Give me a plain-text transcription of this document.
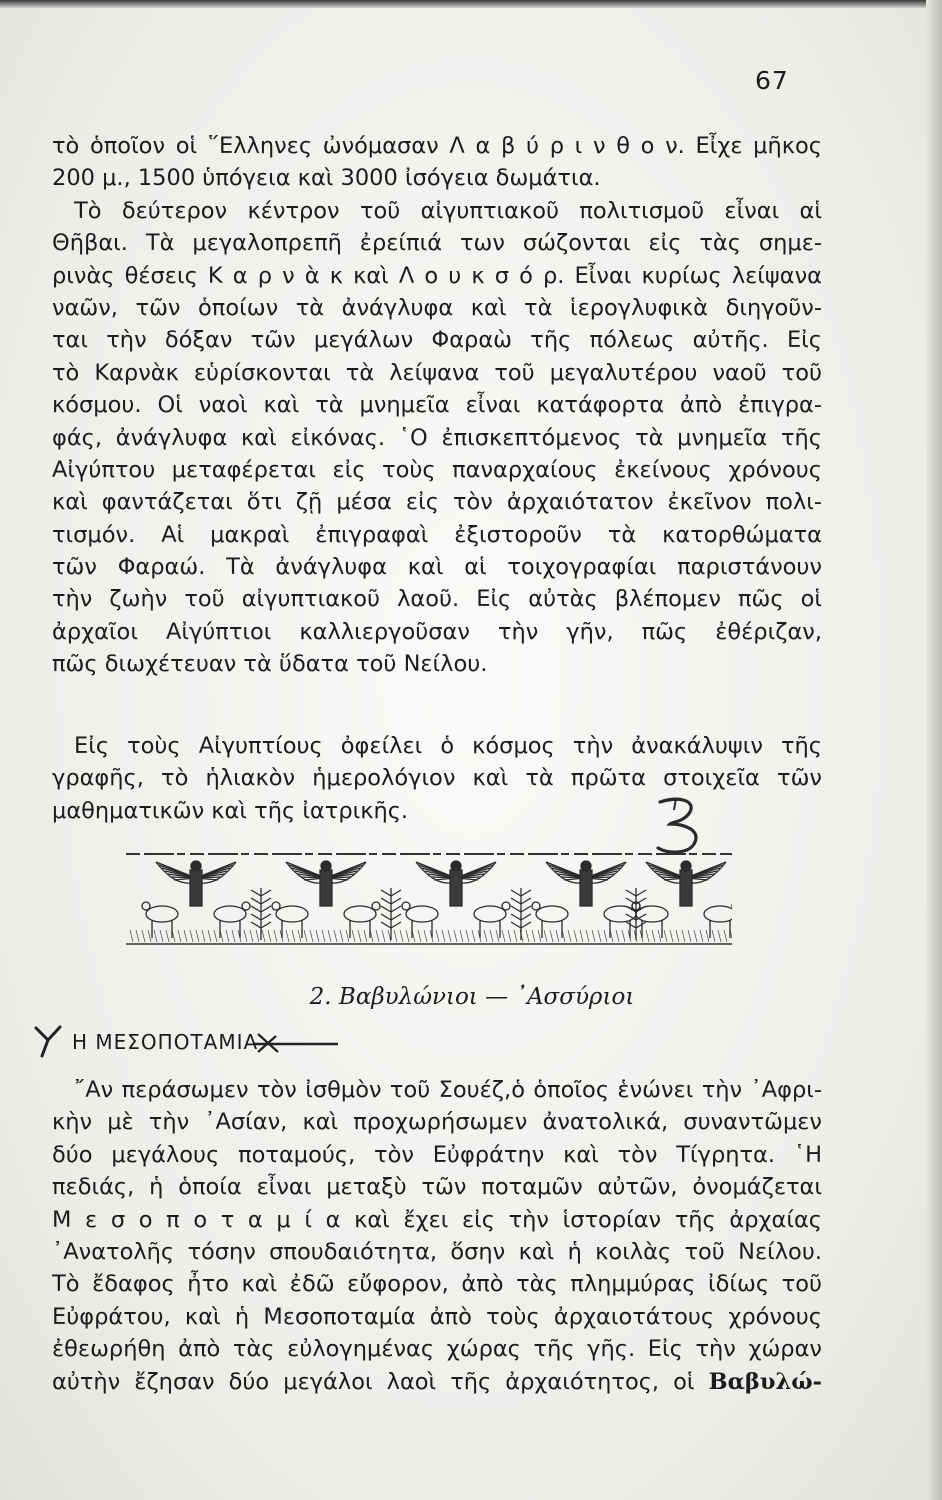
67
τὸ ὁποῖον οἱ ῞Ελληνες ὠνόμασαν Λ α β ύ ρ ι ν θ ο ν. Εἶχε μῆκος
200 μ., 1500 ὑπόγεια καὶ 3000 ἰσόγεια δωμάτια.
Τὸ δεύτερον κέντρον τοῦ αἰγυπτιακοῦ πολιτισμοῦ εἶναι αἱ
Θῆβαι. Τὰ μεγαλοπρεπῆ ἐρείπιά των σώζονται εἰς τὰς σημε-
ρινὰς θέσεις Κ α ρ ν ὰ κ καὶ Λ ο υ κ σ ό ρ. Εἶναι κυρίως λείψανα
ναῶν, τῶν ὁποίων τὰ ἀνάγλυφα καὶ τὰ ἱερογλυφικὰ διηγοῦν-
ται τὴν δόξαν τῶν μεγάλων Φαραὼ τῆς πόλεως αὐτῆς. Εἰς
τὸ Καρνὰκ εὑρίσκονται τὰ λείψανα τοῦ μεγαλυτέρου ναοῦ τοῦ
κόσμου. Οἱ ναοὶ καὶ τὰ μνημεῖα εἶναι κατάφορτα ἀπὸ ἐπιγρα-
φάς, ἀνάγλυφα καὶ εἰκόνας. ῾Ο ἐπισκεπτόμενος τὰ μνημεῖα τῆς
Αἰγύπτου μεταφέρεται εἰς τοὺς παναρχαίους ἐκείνους χρόνους
καὶ φαντάζεται ὅτι ζῇ μέσα εἰς τὸν ἀρχαιότατον ἐκεῖνον πολι-
τισμόν. Αἱ μακραὶ ἐπιγραφαὶ ἐξιστοροῦν τὰ κατορθώματα
τῶν Φαραώ. Τὰ ἀνάγλυφα καὶ αἱ τοιχογραφίαι παριστάνουν
τὴν ζωὴν τοῦ αἰγυπτιακοῦ λαοῦ. Εἰς αὐτὰς βλέπομεν πῶς οἱ
ἀρχαῖοι Αἰγύπτιοι καλλιεργοῦσαν τὴν γῆν, πῶς ἐθέριζαν,
πῶς διωχέτευαν τὰ ὕδατα τοῦ Νείλου.
Εἰς τοὺς Αἰγυπτίους ὀφείλει ὁ κόσμος τὴν ἀνακάλυψιν τῆς
γραφῆς, τὸ ἡλιακὸν ἡμερολόγιον καὶ τὰ πρῶτα στοιχεῖα τῶν
μαθηματικῶν καὶ τῆς ἰατρικῆς.
2. Βαβυλώνιοι — ᾿Ασσύριοι
Η ΜΕΣΟΠΟΤΑΜΙΑ
῎Αν περάσωμεν τὸν ἰσθμὸν τοῦ Σουέζ,ὁ ὁποῖος ἑνώνει τὴν ᾿Αφρι-
κὴν μὲ τὴν ᾿Ασίαν, καὶ προχωρήσωμεν ἀνατολικά, συναντῶμεν
δύο μεγάλους ποταμούς, τὸν Εὐφράτην καὶ τὸν Τίγρητα. ῾Η
πεδιάς, ἡ ὁποία εἶναι μεταξὺ τῶν ποταμῶν αὐτῶν, ὀνομάζεται
Μ ε σ ο π ο τ α μ ί α καὶ ἔχει εἰς τὴν ἱστορίαν τῆς ἀρχαίας
᾿Ανατολῆς τόσην σπουδαιότητα, ὅσην καὶ ἡ κοιλὰς τοῦ Νείλου.
Τὸ ἔδαφος ἦτο καὶ ἐδῶ εὔφορον, ἀπὸ τὰς πλημμύρας ἰδίως τοῦ
Εὐφράτου, καὶ ἡ Μεσοποταμία ἀπὸ τοὺς ἀρχαιοτάτους χρόνους
ἐθεωρήθη ἀπὸ τὰς εὐλογημένας χώρας τῆς γῆς. Εἰς τὴν χώραν
αὐτὴν ἔζησαν δύο μεγάλοι λαοὶ τῆς ἀρχαιότητος, οἱ Βαβυλώ-
